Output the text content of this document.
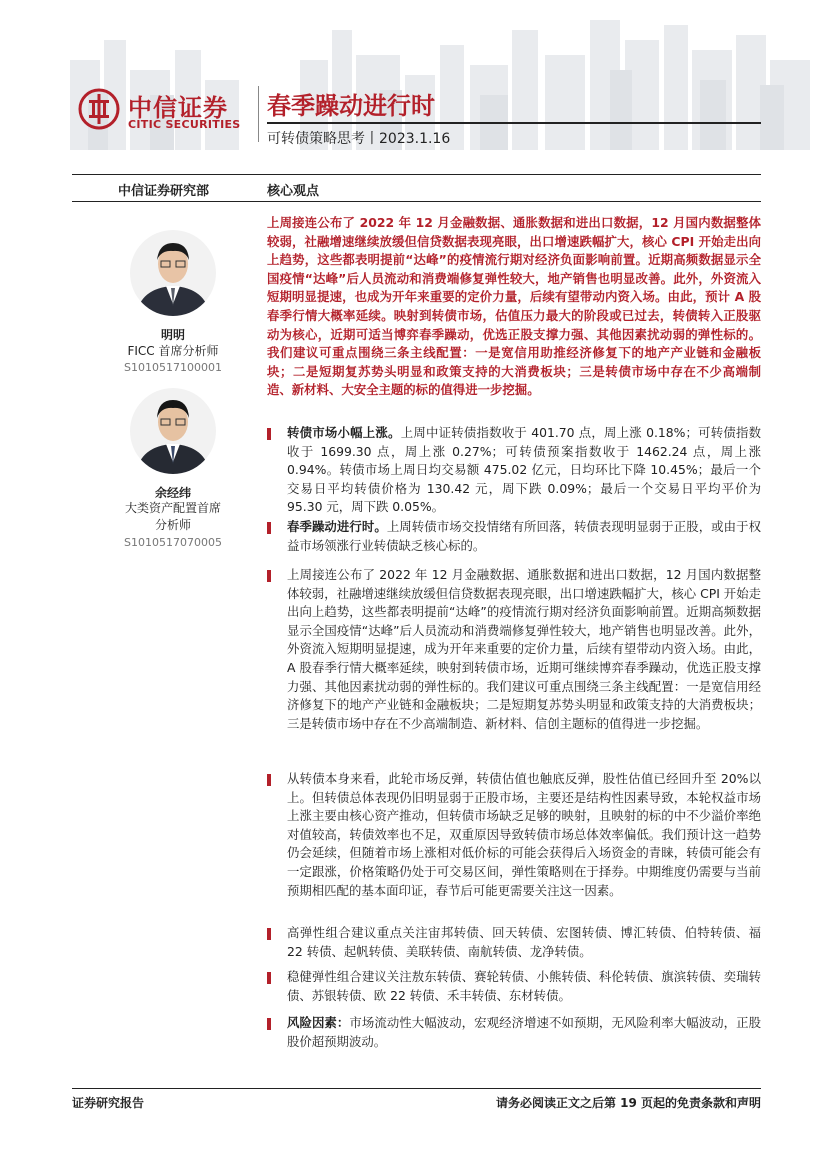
中信证券
CITIC SECURITIES
春季躁动进行时
可转债策略思考丨2023.1.16
中信证券研究部	核心观点
明明
FICC 首席分析师
S1010517100001
余经纬
大类资产配置首席
分析师
S1010517070005
上周接连公布了 2022 年 12 月金融数据、通胀数据和进出口数据，12 月国内数据整体较弱，社融增速继续放缓但信贷数据表现亮眼，出口增速跌幅扩大，核心 CPI 开始走出向上趋势，这些都表明提前“达峰”的疫情流行期对经济负面影响前置。近期高频数据显示全国疫情“达峰”后人员流动和消费端修复弹性较大，地产销售也明显改善。此外，外资流入短期明显提速，也成为开年来重要的定价力量，后续有望带动内资入场。由此，预计 A 股春季行情大概率延续。映射到转债市场，估值压力最大的阶段或已过去，转债转入正股驱动为核心，近期可适当博弈春季躁动，优选正股支撑力强、其他因素扰动弱的弹性标的。我们建议可重点围绕三条主线配置：一是宽信用助推经济修复下的地产产业链和金融板块；二是短期复苏势头明显和政策支持的大消费板块；三是转债市场中存在不少高端制造、新材料、大安全主题的标的值得进一步挖掘。
转债市场小幅上涨。上周中证转债指数收于 401.70 点，周上涨 0.18%；可转债指数收于 1699.30 点，周上涨 0.27%；可转债预案指数收于 1462.24 点，周上涨 0.94%。转债市场上周日均交易额 475.02 亿元，日均环比下降 10.45%；最后一个交易日平均转债价格为 130.42 元，周下跌 0.09%；最后一个交易日平均平价为 95.30 元，周下跌 0.05%。
春季躁动进行时。上周转债市场交投情绪有所回落，转债表现明显弱于正股，或由于权益市场领涨行业转债缺乏核心标的。
上周接连公布了 2022 年 12 月金融数据、通胀数据和进出口数据，12 月国内数据整体较弱，社融增速继续放缓但信贷数据表现亮眼，出口增速跌幅扩大，核心 CPI 开始走出向上趋势，这些都表明提前“达峰”的疫情流行期对经济负面影响前置。近期高频数据显示全国疫情“达峰”后人员流动和消费端修复弹性较大，地产销售也明显改善。此外，外资流入短期明显提速，成为开年来重要的定价力量，后续有望带动内资入场。由此，A 股春季行情大概率延续，映射到转债市场，近期可继续博弈春季躁动，优选正股支撑力强、其他因素扰动弱的弹性标的。我们建议可重点围绕三条主线配置：一是宽信用经济修复下的地产产业链和金融板块；二是短期复苏势头明显和政策支持的大消费板块；三是转债市场中存在不少高端制造、新材料、信创主题标的值得进一步挖掘。
从转债本身来看，此轮市场反弹，转债估值也触底反弹，股性估值已经回升至 20%以上。但转债总体表现仍旧明显弱于正股市场，主要还是结构性因素导致，本轮权益市场上涨主要由核心资产推动，但转债市场缺乏足够的映射，且映射的标的中不少溢价率绝对值较高，转债效率也不足，双重原因导致转债市场总体效率偏低。我们预计这一趋势仍会延续，但随着市场上涨相对低价标的可能会获得后入场资金的青睐，转债可能会有一定跟涨，价格策略仍处于可交易区间，弹性策略则在于择券。中期维度仍需要与当前预期相匹配的基本面印证，春节后可能更需要关注这一因素。
高弹性组合建议重点关注宙邦转债、回天转债、宏图转债、博汇转债、伯特转债、福 22 转债、起帆转债、美联转债、南航转债、龙净转债。
稳健弹性组合建议关注敖东转债、赛轮转债、小熊转债、科伦转债、旗滨转债、奕瑞转债、苏银转债、欧 22 转债、禾丰转债、东材转债。
风险因素：市场流动性大幅波动，宏观经济增速不如预期，无风险利率大幅波动，正股股价超预期波动。
证券研究报告	请务必阅读正文之后第 19 页起的免责条款和声明
